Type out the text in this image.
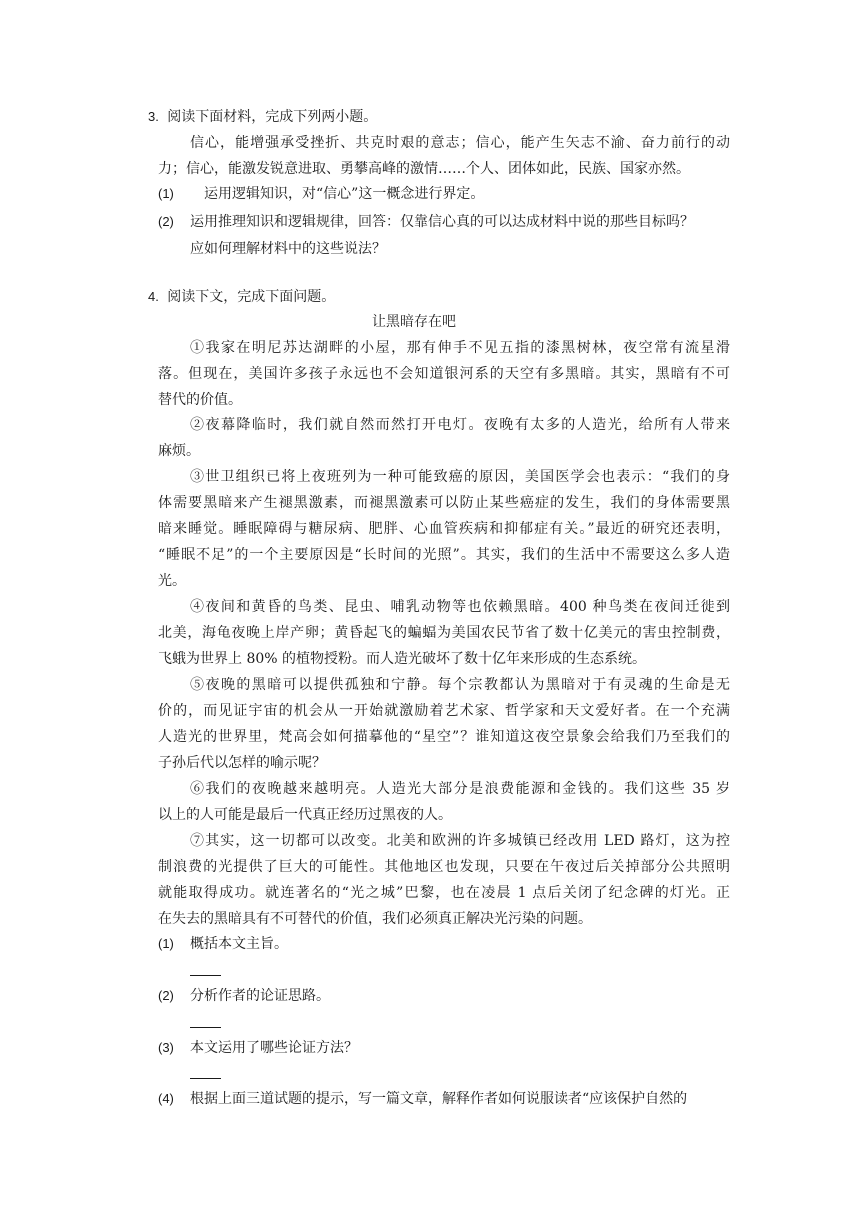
3. 阅读下面材料，完成下列两小题。
信心，能增强承受挫折、共克时艰的意志；信心，能产生矢志不渝、奋力前行的动
力；信心，能激发锐意进取、勇攀高峰的激情……个人、团体如此，民族、国家亦然。
(1) 运用逻辑知识，对“信心”这一概念进行界定。
(2) 运用推理知识和逻辑规律，回答：仅靠信心真的可以达成材料中说的那些目标吗？
应如何理解材料中的这些说法？
4. 阅读下文，完成下面问题。
让黑暗存在吧
①我家在明尼苏达湖畔的小屋，那有伸手不见五指的漆黑树林，夜空常有流星滑
落。但现在，美国许多孩子永远也不会知道银河系的天空有多黑暗。其实，黑暗有不可
替代的价值。
②夜幕降临时，我们就自然而然打开电灯。夜晚有太多的人造光，给所有人带来
麻烦。
③世卫组织已将上夜班列为一种可能致癌的原因，美国医学会也表示：“我们的身
体需要黑暗来产生褪黑激素，而褪黑激素可以防止某些癌症的发生，我们的身体需要黑
暗来睡觉。睡眠障碍与糖尿病、肥胖、心血管疾病和抑郁症有关。”最近的研究还表明，
“睡眠不足”的一个主要原因是“长时间的光照”。其实，我们的生活中不需要这么多人造
光。
④夜间和黄昏的鸟类、昆虫、哺乳动物等也依赖黑暗。400 种鸟类在夜间迁徙到
北美，海龟夜晚上岸产卵；黄昏起飞的蝙蝠为美国农民节省了数十亿美元的害虫控制费，
飞蛾为世界上 80% 的植物授粉。而人造光破坏了数十亿年来形成的生态系统。
⑤夜晚的黑暗可以提供孤独和宁静。每个宗教都认为黑暗对于有灵魂的生命是无
价的，而见证宇宙的机会从一开始就激励着艺术家、哲学家和天文爱好者。在一个充满
人造光的世界里，梵高会如何描摹他的“星空”？谁知道这夜空景象会给我们乃至我们的
子孙后代以怎样的喻示呢？
⑥我们的夜晚越来越明亮。人造光大部分是浪费能源和金钱的。我们这些 35 岁
以上的人可能是最后一代真正经历过黑夜的人。
⑦其实，这一切都可以改变。北美和欧洲的许多城镇已经改用 LED 路灯，这为控
制浪费的光提供了巨大的可能性。其他地区也发现，只要在午夜过后关掉部分公共照明
就能取得成功。就连著名的“光之城”巴黎，也在凌晨 1 点后关闭了纪念碑的灯光。正
在失去的黑暗具有不可替代的价值，我们必须真正解决光污染的问题。
(1) 概括本文主旨。
(2) 分析作者的论证思路。
(3) 本文运用了哪些论证方法？
(4) 根据上面三道试题的提示，写一篇文章，解释作者如何说服读者“应该保护自然的
